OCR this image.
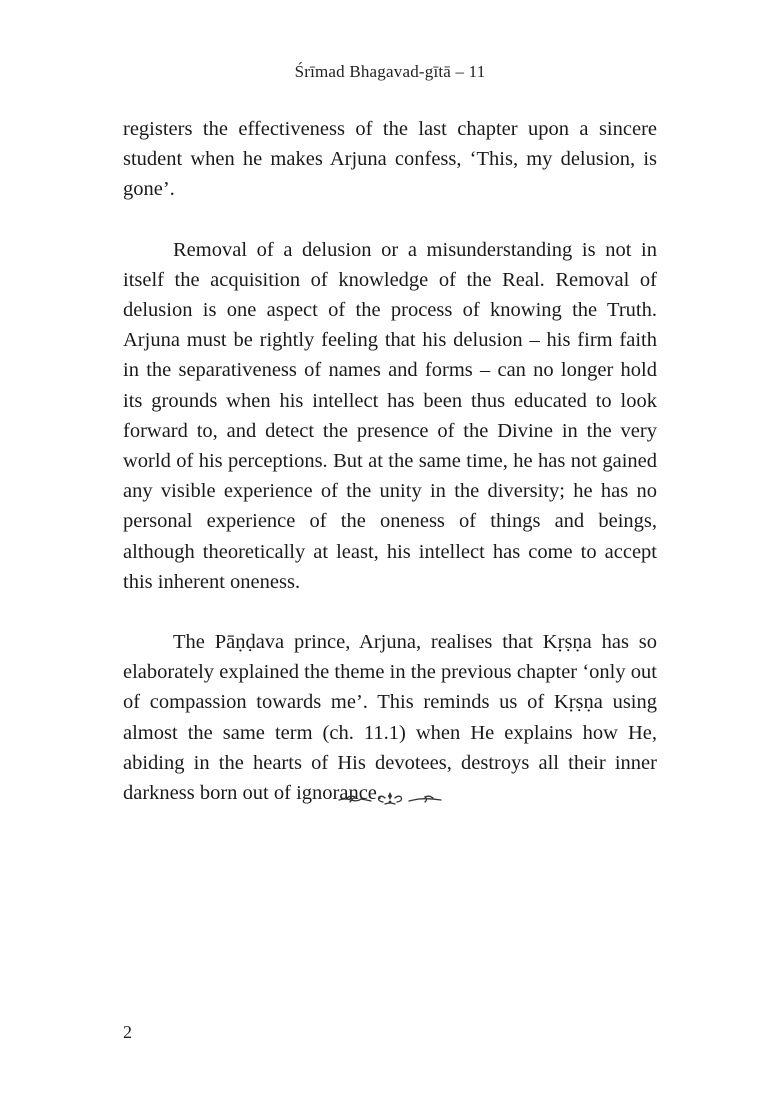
Śrīmad Bhagavad-gītā – 11

registers the effectiveness of the last chapter upon a sincere student when he makes Arjuna confess, ‘This, my delusion, is gone’.

Removal of a delusion or a misunderstanding is not in itself the acquisition of knowledge of the Real. Removal of delusion is one aspect of the process of knowing the Truth. Arjuna must be rightly feeling that his delusion – his firm faith in the separativeness of names and forms – can no longer hold its grounds when his intellect has been thus educated to look forward to, and detect the presence of the Divine in the very world of his perceptions. But at the same time, he has not gained any visible experience of the unity in the diversity; he has no personal experience of the oneness of things and beings, although theoretically at least, his intellect has come to accept this inherent oneness.

The Pāṇḍava prince, Arjuna, realises that Kṛṣṇa has so elaborately explained the theme in the previous chapter ‘only out of compassion towards me’. This reminds us of Kṛṣṇa using almost the same term (ch. 11.1) when He explains how He, abiding in the hearts of His devotees, destroys all their inner darkness born out of ignorance.

2
